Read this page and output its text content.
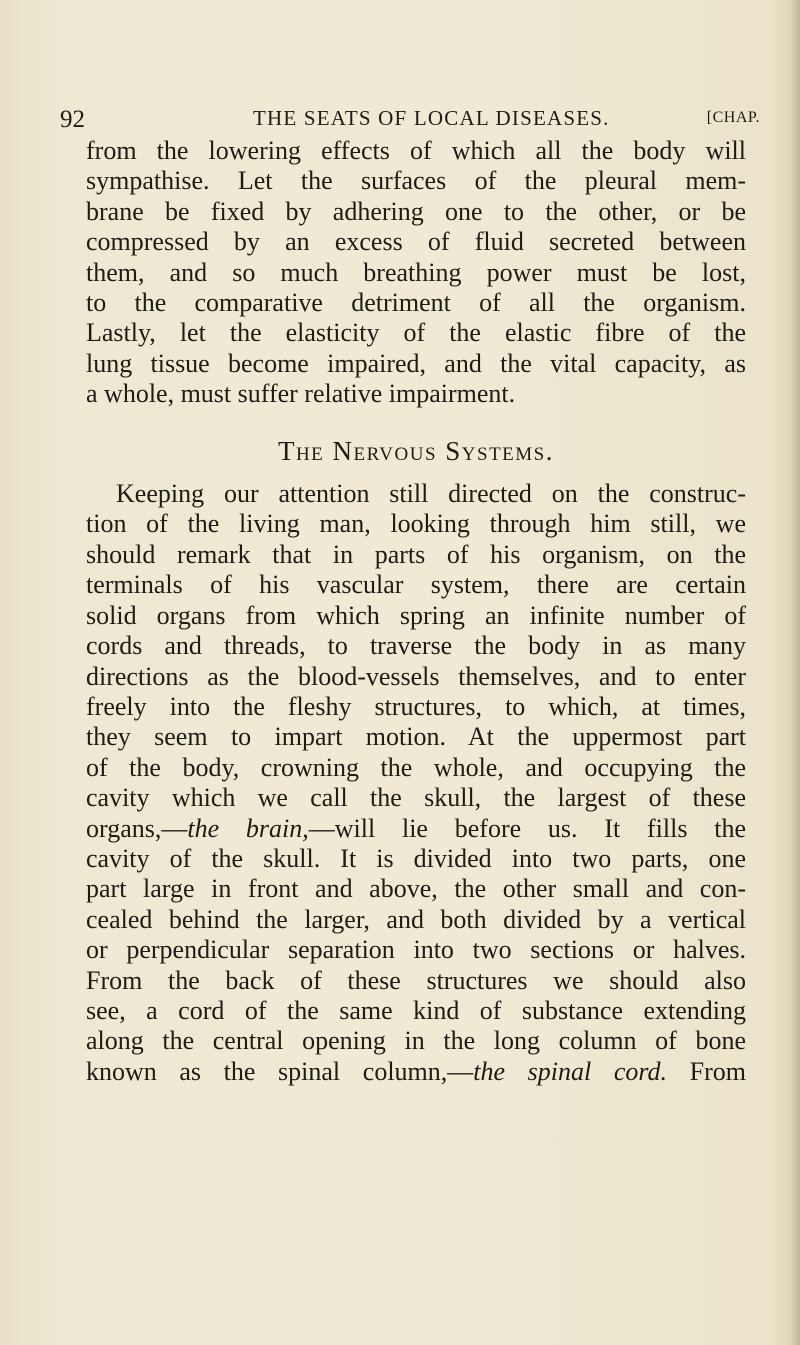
92	THE SEATS OF LOCAL DISEASES.	[CHAP.
from the lowering effects of which all the body will
sympathise. Let the surfaces of the pleural mem-
brane be fixed by adhering one to the other, or be
compressed by an excess of fluid secreted between
them, and so much breathing power must be lost,
to the comparative detriment of all the organism.
Lastly, let the elasticity of the elastic fibre of the
lung tissue become impaired, and the vital capacity, as
a whole, must suffer relative impairment.
The Nervous Systems.
Keeping our attention still directed on the construc-
tion of the living man, looking through him still, we
should remark that in parts of his organism, on the
terminals of his vascular system, there are certain
solid organs from which spring an infinite number of
cords and threads, to traverse the body in as many
directions as the blood-vessels themselves, and to enter
freely into the fleshy structures, to which, at times,
they seem to impart motion. At the uppermost part
of the body, crowning the whole, and occupying the
cavity which we call the skull, the largest of these
organs,—the brain,—will lie before us. It fills the
cavity of the skull. It is divided into two parts, one
part large in front and above, the other small and con-
cealed behind the larger, and both divided by a vertical
or perpendicular separation into two sections or halves.
From the back of these structures we should also
see, a cord of the same kind of substance extending
along the central opening in the long column of bone
known as the spinal column,—the spinal cord. From
